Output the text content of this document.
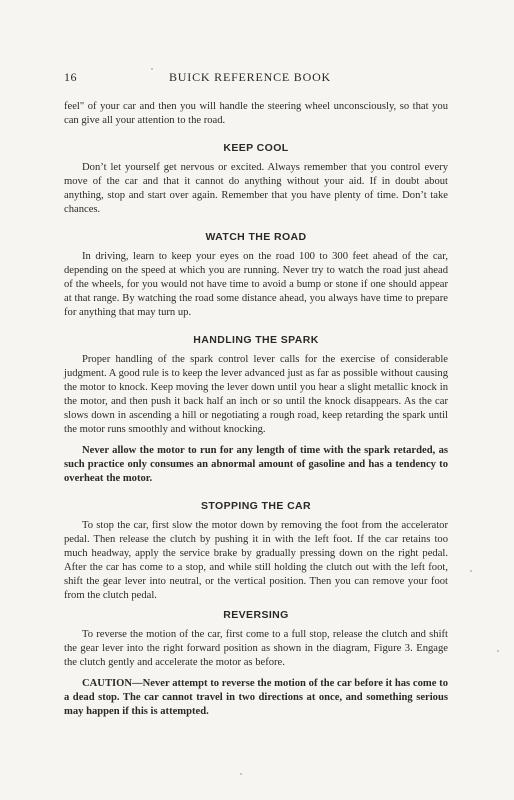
16	BUICK REFERENCE BOOK

feel" of your car and then you will handle the steering wheel unconsciously, so that you can give all your attention to the road.

KEEP COOL

Don’t let yourself get nervous or excited. Always remember that you control every move of the car and that it cannot do anything without your aid. If in doubt about anything, stop and start over again. Remember that you have plenty of time. Don’t take chances.

WATCH THE ROAD

In driving, learn to keep your eyes on the road 100 to 300 feet ahead of the car, depending on the speed at which you are running. Never try to watch the road just ahead of the wheels, for you would not have time to avoid a bump or stone if one should appear at that range. By watching the road some distance ahead, you always have time to prepare for anything that may turn up.

HANDLING THE SPARK

Proper handling of the spark control lever calls for the exercise of considerable judgment. A good rule is to keep the lever advanced just as far as possible without causing the motor to knock. Keep moving the lever down until you hear a slight metallic knock in the motor, and then push it back half an inch or so until the knock disappears. As the car slows down in ascending a hill or negotiating a rough road, keep retarding the spark until the motor runs smoothly and without knocking.

Never allow the motor to run for any length of time with the spark retarded, as such practice only consumes an abnormal amount of gasoline and has a tendency to overheat the motor.

STOPPING THE CAR

To stop the car, first slow the motor down by removing the foot from the accelerator pedal. Then release the clutch by pushing it in with the left foot. If the car retains too much headway, apply the service brake by gradually pressing down on the right pedal. After the car has come to a stop, and while still holding the clutch out with the left foot, shift the gear lever into neutral, or the vertical position. Then you can remove your foot from the clutch pedal.

REVERSING

To reverse the motion of the car, first come to a full stop, release the clutch and shift the gear lever into the right forward position as shown in the diagram, Figure 3. Engage the clutch gently and accelerate the motor as before.

CAUTION—Never attempt to reverse the motion of the car before it has come to a dead stop. The car cannot travel in two directions at once, and something serious may happen if this is attempted.
